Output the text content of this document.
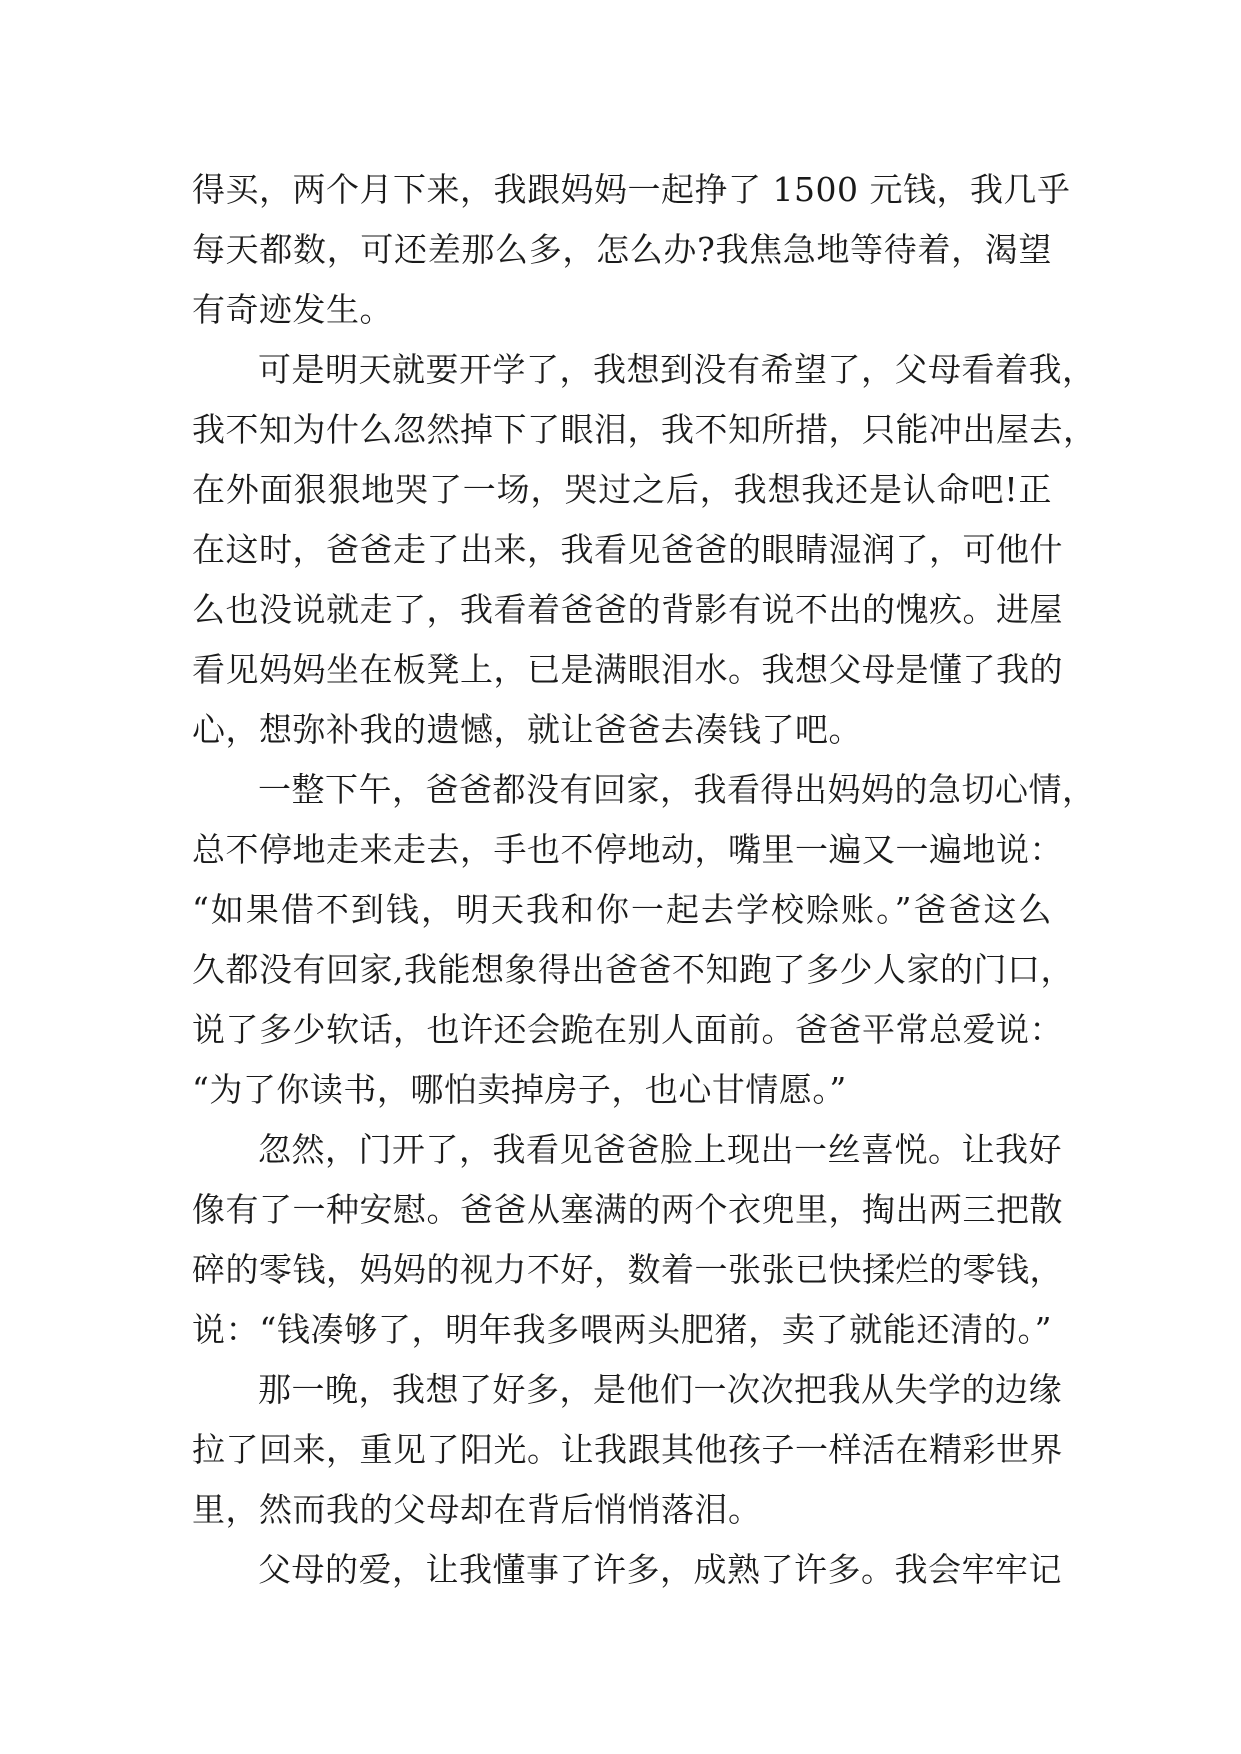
得买，两个月下来，我跟妈妈一起挣了 1500 元钱，我几乎
每天都数，可还差那么多，怎么办?我焦急地等待着，渴望
有奇迹发生。
可是明天就要开学了，我想到没有希望了，父母看着我，
我不知为什么忽然掉下了眼泪，我不知所措，只能冲出屋去，
在外面狠狠地哭了一场，哭过之后，我想我还是认命吧!正
在这时，爸爸走了出来，我看见爸爸的眼睛湿润了，可他什
么也没说就走了，我看着爸爸的背影有说不出的愧疚。进屋
看见妈妈坐在板凳上，已是满眼泪水。我想父母是懂了我的
心，想弥补我的遗憾，就让爸爸去凑钱了吧。
一整下午，爸爸都没有回家，我看得出妈妈的急切心情，
总不停地走来走去，手也不停地动，嘴里一遍又一遍地说：
“如果借不到钱，明天我和你一起去学校赊账。”爸爸这么
久都没有回家,我能想象得出爸爸不知跑了多少人家的门口，
说了多少软话，也许还会跪在别人面前。爸爸平常总爱说：
“为了你读书，哪怕卖掉房子，也心甘情愿。”
忽然，门开了，我看见爸爸脸上现出一丝喜悦。让我好
像有了一种安慰。爸爸从塞满的两个衣兜里，掏出两三把散
碎的零钱，妈妈的视力不好，数着一张张已快揉烂的零钱，
说：“钱凑够了，明年我多喂两头肥猪，卖了就能还清的。”
那一晚，我想了好多，是他们一次次把我从失学的边缘
拉了回来，重见了阳光。让我跟其他孩子一样活在精彩世界
里，然而我的父母却在背后悄悄落泪。
父母的爱，让我懂事了许多，成熟了许多。我会牢牢记
